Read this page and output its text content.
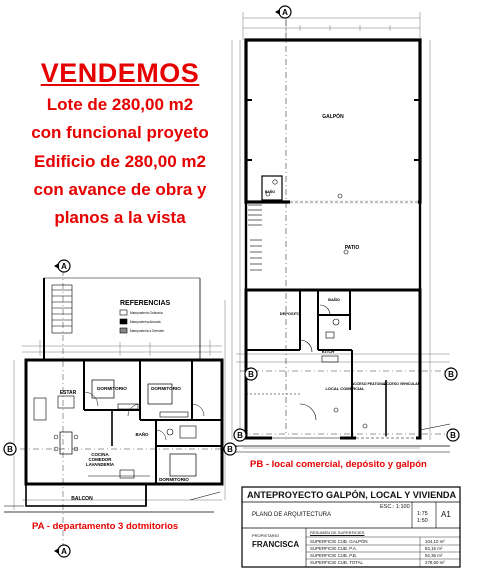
GALPÓN
BAÑO
PATIO
DEPOSITO
BAÑO
KITCH
LOCAL COMERCIAL
ACCESO PEATONAL
ACCESO VEHICULAR
A
B	B
B	B
REFERENCIAS
Mampostería Ordinaria
Mampostería Armada
Mampostería a Demoler
ESTAR
DORMITORIO	DORMITORIO
DORMITORIO
COCINA
COMEDOR
LAVANDERÍA
BAÑO
BALCON
A
A
B	B
VENDEMOS
Lote de 280,00 m2
con funcional proyeto
Edificio de 280,00 m2
con avance de obra y
planos a la vista
PB - local comercial, depósito y galpón
PA - departamento 3 dotmitorios
ANTEPROYECTO GALPÓN, LOCAL Y VIVIENDA
PLANO DE ARQUITECTURA
ESC.: 1:100
1:75
1:50
A1
PROPIETARIO
FRANCISCA
RESUMEN DE SUPERFICIES
SUPERFICIE CUB. GALPÓN	104,10 m²
SUPERFICIE CUB. P.A.	82,15 m²
SUPERFICIE CUB. P.B.	92,35 m²
SUPERFICIE CUB. TOTAL	278,60 m²
